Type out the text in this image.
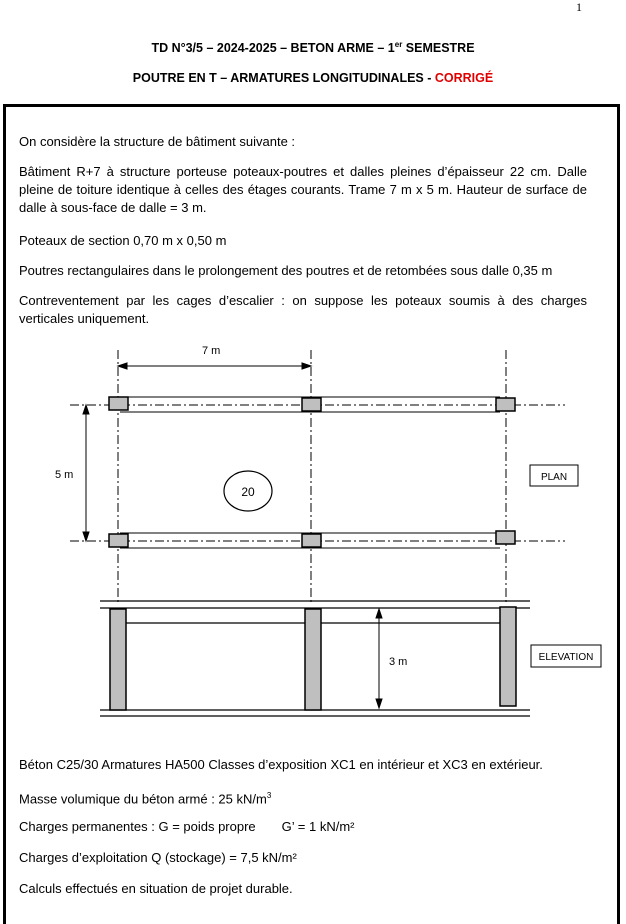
1
TD N°3/5 – 2024-2025 – BETON ARME – 1er SEMESTRE
POUTRE EN T – ARMATURES LONGITUDINALES - CORRIGÉ

On considère la structure de bâtiment suivante :

Bâtiment R+7 à structure porteuse poteaux-poutres et dalles pleines d’épaisseur 22 cm. Dalle pleine de toiture identique à celles des étages courants. Trame 7 m x 5 m. Hauteur de surface de dalle à sous-face de dalle = 3 m.

Poteaux de section 0,70 m x 0,50 m

Poutres rectangulaires dans le prolongement des poutres et de retombées sous dalle 0,35 m

Contreventement par les cages d’escalier : on suppose les poteaux soumis à des charges verticales uniquement.

7 m
5 m
20
PLAN
3 m	ELEVATION

Béton C25/30 Armatures HA500 Classes d’exposition XC1 en intérieur et XC3 en extérieur.

Masse volumique du béton armé : 25 $kN/m^3$

Charges permanentes : G = poids propre G’ = 1 kN/m²

Charges d’exploitation Q (stockage) = 7,5 kN/m²

Calculs effectués en situation de projet durable.
